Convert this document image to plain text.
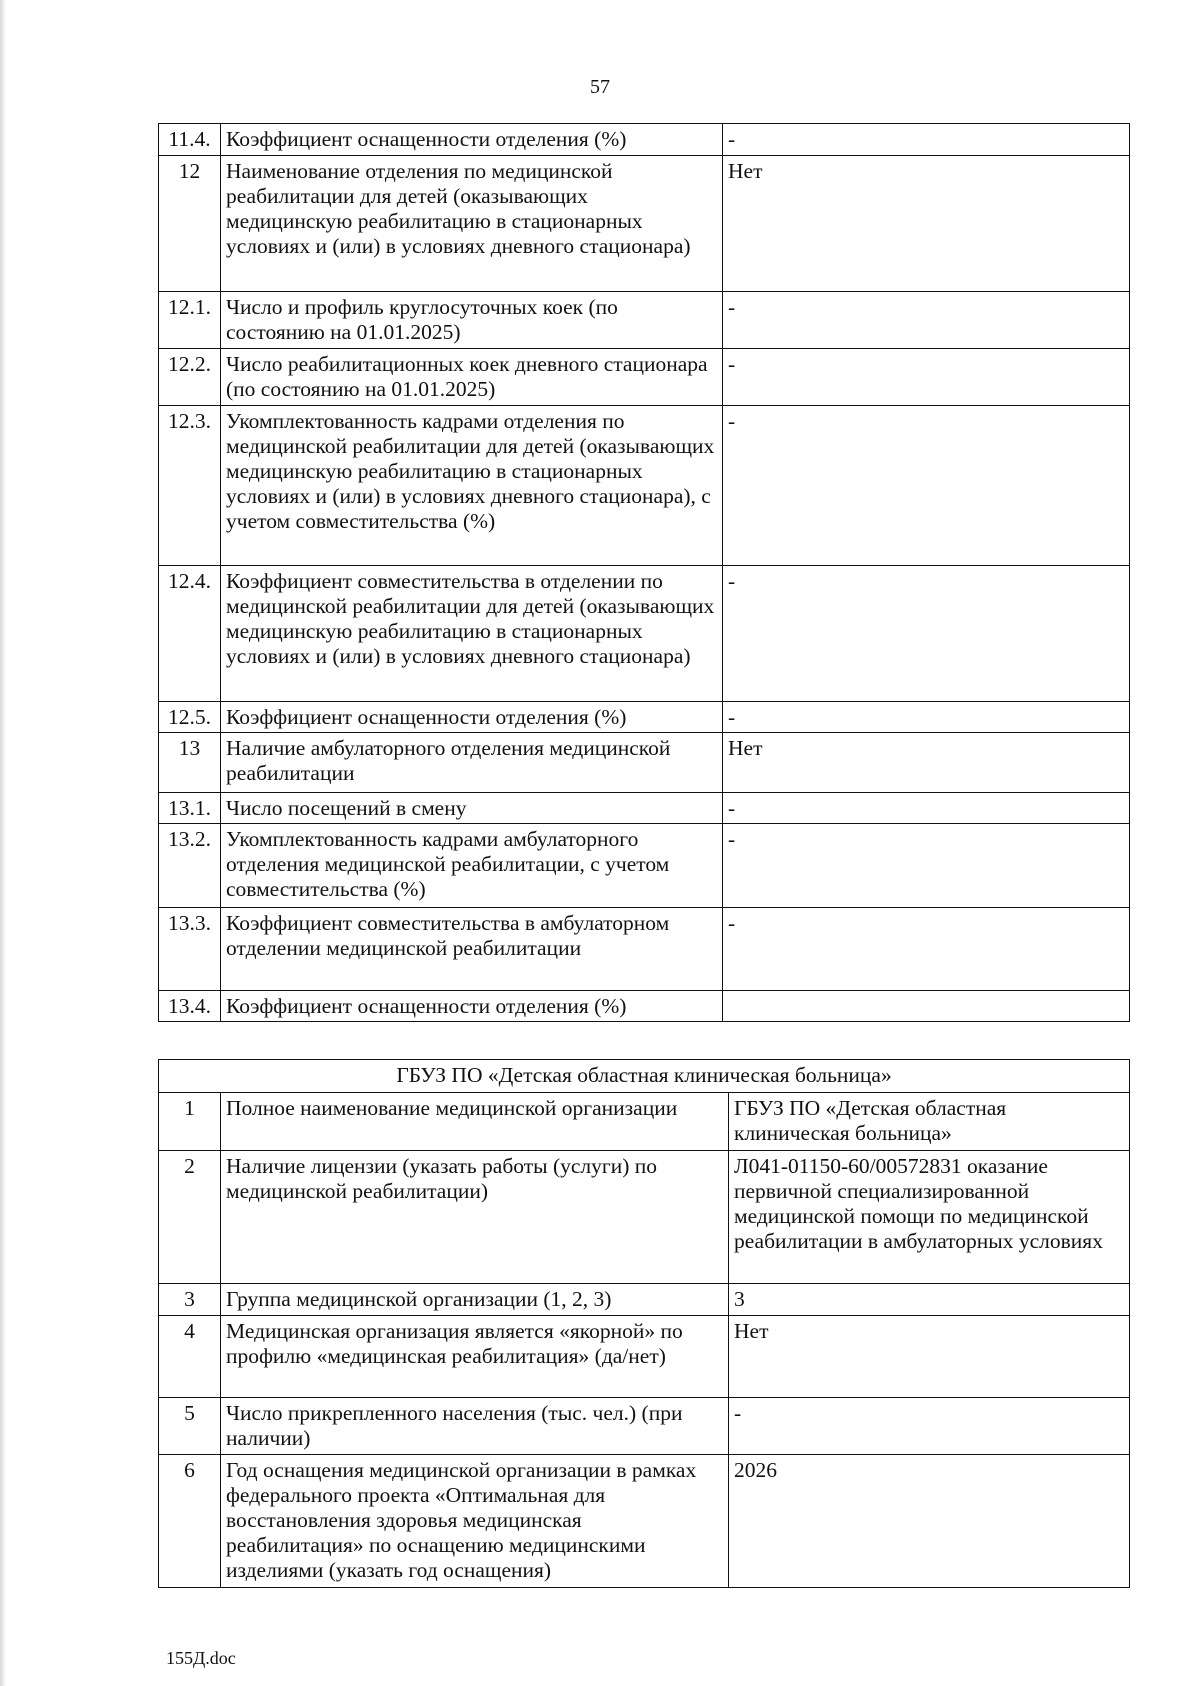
57
11.4.	Коэффициент оснащенности отделения (%)	-
12	Наименование отделения по медицинской реабилитации для детей (оказывающих медицинскую реабилитацию в стационарных условиях и (или) в условиях дневного стационара)	Нет
12.1.	Число и профиль круглосуточных коек (по состоянию на 01.01.2025)	-
12.2.	Число реабилитационных коек дневного стационара (по состоянию на 01.01.2025)	-
12.3.	Укомплектованность кадрами отделения по медицинской реабилитации для детей (оказывающих медицинскую реабилитацию в стационарных условиях и (или) в условиях дневного стационара), с учетом совместительства (%)	-
12.4.	Коэффициент совместительства в отделении по медицинской реабилитации для детей (оказывающих медицинскую реабилитацию в стационарных условиях и (или) в условиях дневного стационара)	-
12.5.	Коэффициент оснащенности отделения (%)	-
13	Наличие амбулаторного отделения медицинской реабилитации	Нет
13.1.	Число посещений в смену	-
13.2.	Укомплектованность кадрами амбулаторного отделения медицинской реабилитации, с учетом совместительства (%)	-
13.3.	Коэффициент совместительства в амбулаторном отделении медицинской реабилитации	-
13.4.	Коэффициент оснащенности отделения (%)	
ГБУЗ ПО «Детская областная клиническая больница»		
1	Полное наименование медицинской организации	ГБУЗ ПО «Детская областная клиническая больница»
2	Наличие лицензии (указать работы (услуги) по медицинской реабилитации)	Л041-01150-60/00572831 оказание первичной специализированной медицинской помощи по медицинской реабилитации в амбулаторных условиях
3	Группа медицинской организации (1, 2, 3)	3
4	Медицинская организация является «якорной» по профилю «медицинская реабилитация» (да/нет)	Нет
5	Число прикрепленного населения (тыс. чел.) (при наличии)	-
6	Год оснащения медицинской организации в рамках федерального проекта «Оптимальная для восстановления здоровья медицинская реабилитация» по оснащению медицинскими изделиями (указать год оснащения)	2026
155Д.doc
